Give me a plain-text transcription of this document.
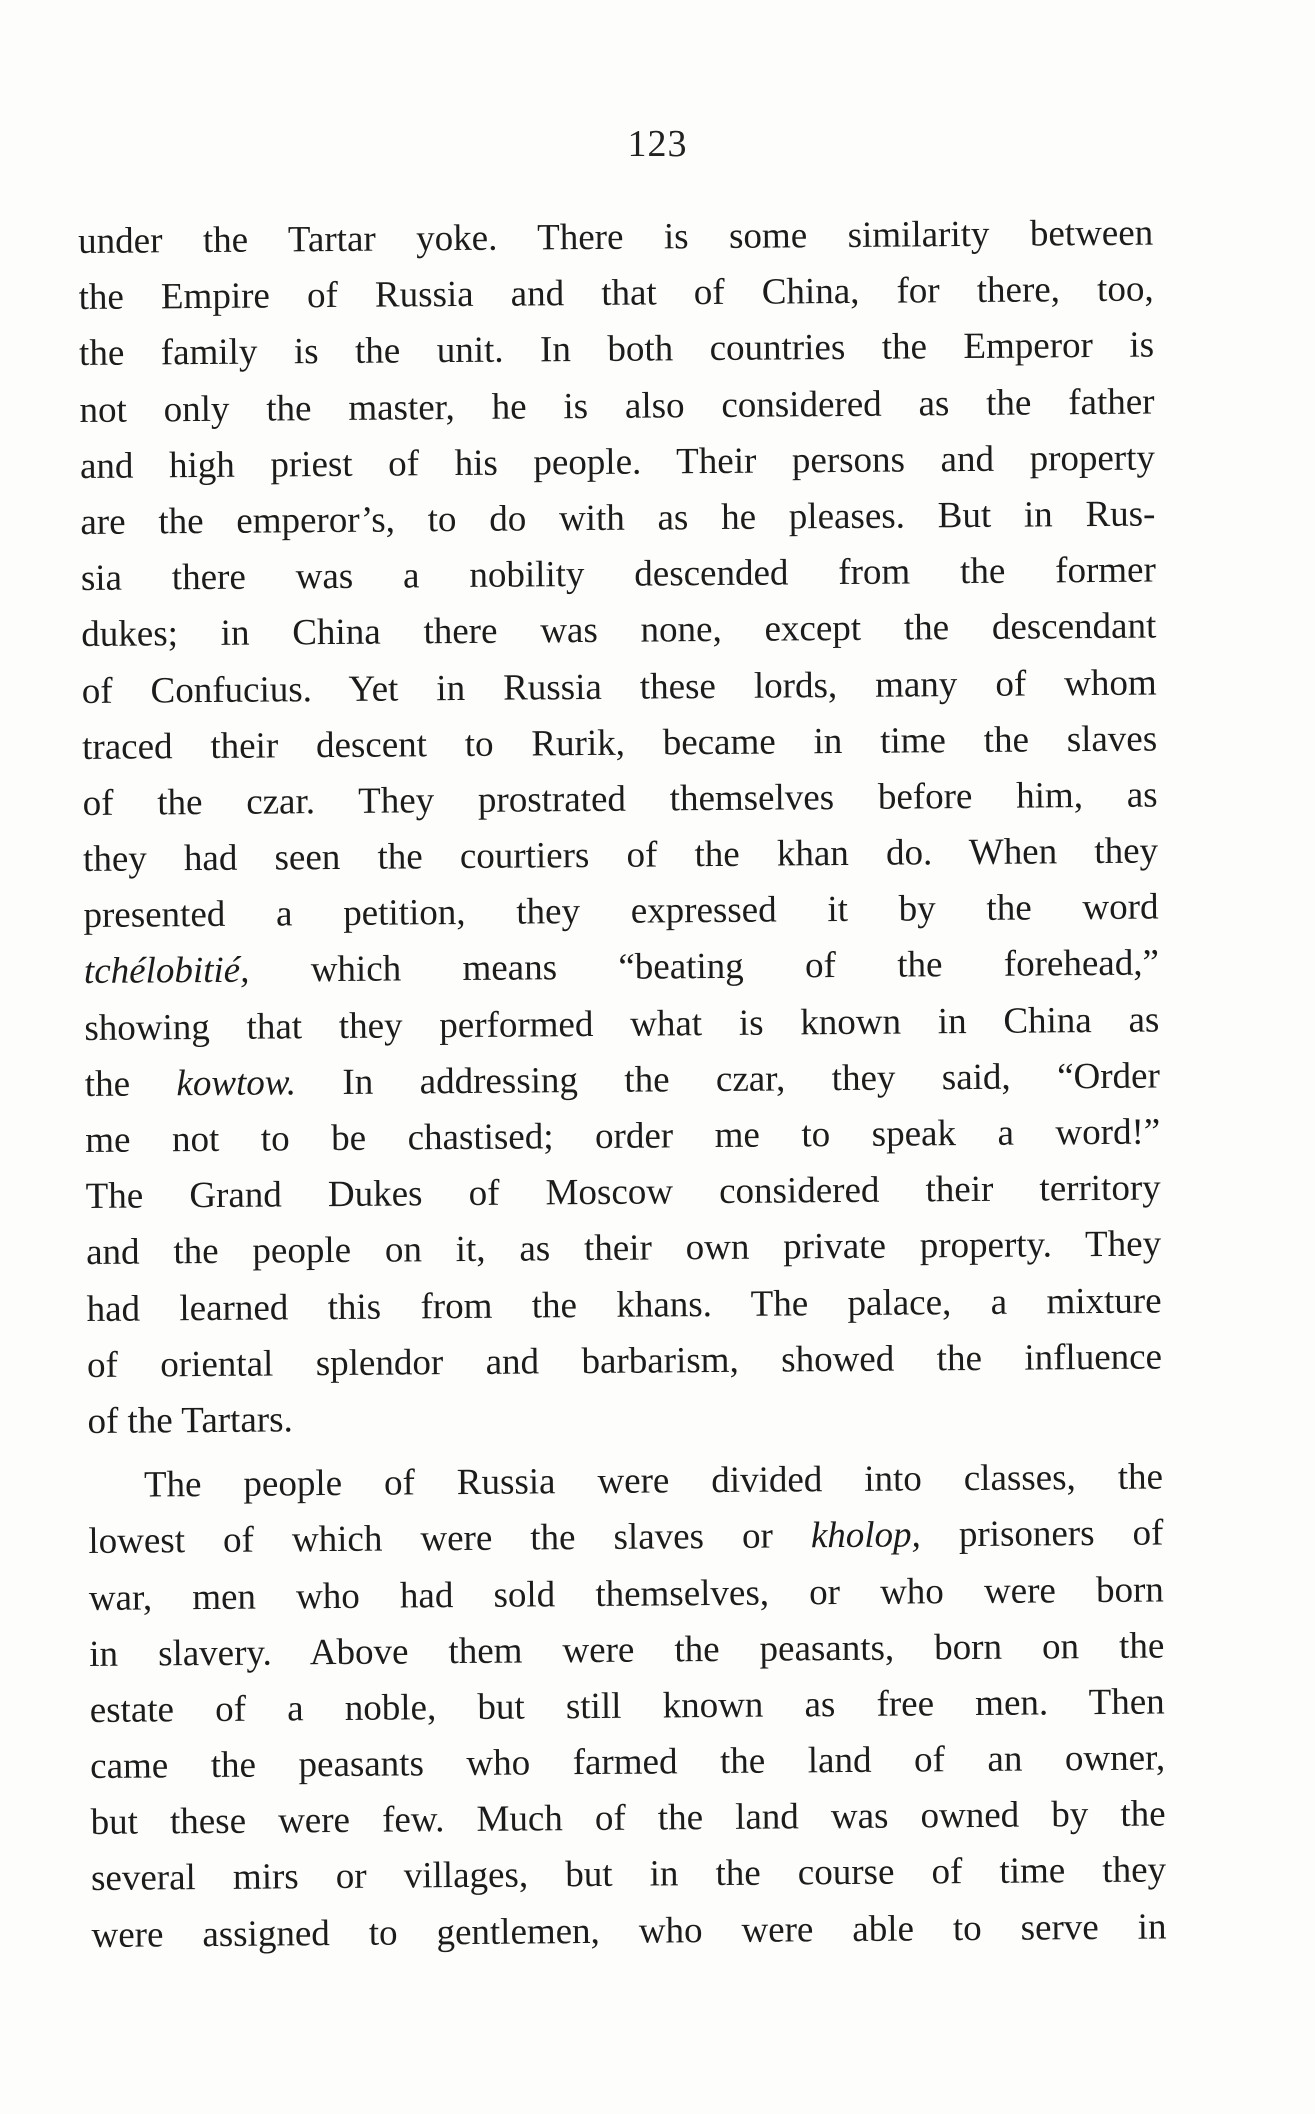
123
under the Tartar yoke. There is some similarity between
the Empire of Russia and that of China, for there, too,
the family is the unit. In both countries the Emperor is
not only the master, he is also considered as the father
and high priest of his people. Their persons and property
are the emperor’s, to do with as he pleases. But in Rus-
sia there was a nobility descended from the former
dukes; in China there was none, except the descendant
of Confucius. Yet in Russia these lords, many of whom
traced their descent to Rurik, became in time the slaves
of the czar. They prostrated themselves before him, as
they had seen the courtiers of the khan do. When they
presented a petition, they expressed it by the word
tchélobitié, which means “beating of the forehead,”
showing that they performed what is known in China as
the kowtow. In addressing the czar, they said, “Order
me not to be chastised; order me to speak a word!”
The Grand Dukes of Moscow considered their territory
and the people on it, as their own private property. They
had learned this from the khans. The palace, a mixture
of oriental splendor and barbarism, showed the influence
of the Tartars.
The people of Russia were divided into classes, the
lowest of which were the slaves or kholop, prisoners of
war, men who had sold themselves, or who were born
in slavery. Above them were the peasants, born on the
estate of a noble, but still known as free men. Then
came the peasants who farmed the land of an owner,
but these were few. Much of the land was owned by the
several mirs or villages, but in the course of time they
were assigned to gentlemen, who were able to serve in
